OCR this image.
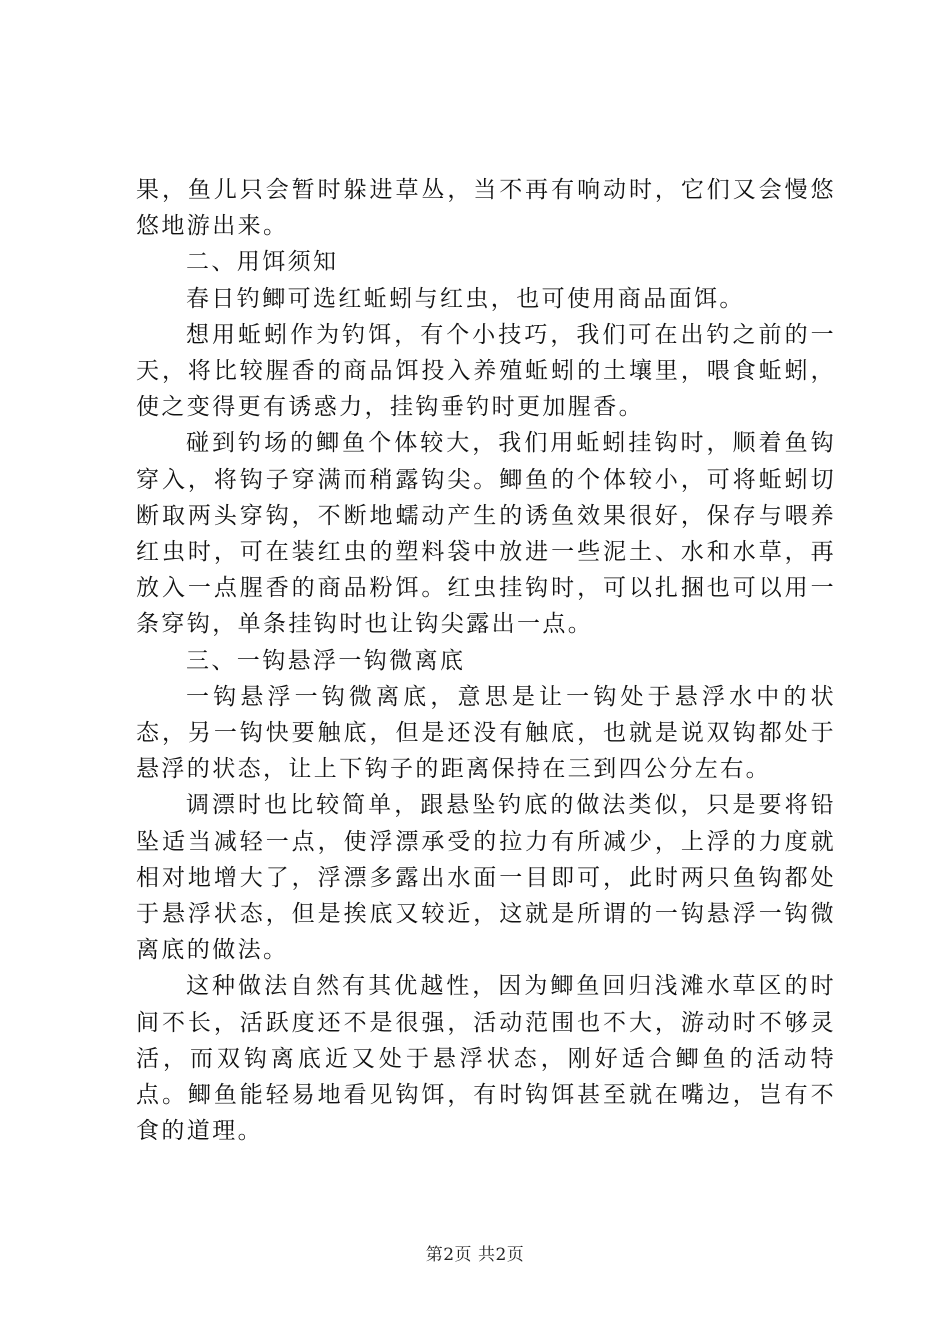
果，鱼儿只会暂时躲进草丛，当不再有响动时，它们又会慢悠悠地游出来。

二、用饵须知

春日钓鲫可选红蚯蚓与红虫，也可使用商品面饵。

想用蚯蚓作为钓饵，有个小技巧，我们可在出钓之前的一天，将比较腥香的商品饵投入养殖蚯蚓的土壤里，喂食蚯蚓，使之变得更有诱惑力，挂钩垂钓时更加腥香。

碰到钓场的鲫鱼个体较大，我们用蚯蚓挂钩时，顺着鱼钩穿入，将钩子穿满而稍露钩尖。鲫鱼的个体较小，可将蚯蚓切断取两头穿钩，不断地蠕动产生的诱鱼效果很好，保存与喂养红虫时，可在装红虫的塑料袋中放进一些泥土、水和水草，再放入一点腥香的商品粉饵。红虫挂钩时，可以扎捆也可以用一条穿钩，单条挂钩时也让钩尖露出一点。

三、一钩悬浮一钩微离底

一钩悬浮一钩微离底，意思是让一钩处于悬浮水中的状态，另一钩快要触底，但是还没有触底，也就是说双钩都处于悬浮的状态，让上下钩子的距离保持在三到四公分左右。

调漂时也比较简单，跟悬坠钓底的做法类似，只是要将铅坠适当减轻一点，使浮漂承受的拉力有所减少，上浮的力度就相对地增大了，浮漂多露出水面一目即可，此时两只鱼钩都处于悬浮状态，但是挨底又较近，这就是所谓的一钩悬浮一钩微离底的做法。

这种做法自然有其优越性，因为鲫鱼回归浅滩水草区的时间不长，活跃度还不是很强，活动范围也不大，游动时不够灵活，而双钩离底近又处于悬浮状态，刚好适合鲫鱼的活动特点。鲫鱼能轻易地看见钩饵，有时钩饵甚至就在嘴边，岂有不食的道理。

第2页 共2页
